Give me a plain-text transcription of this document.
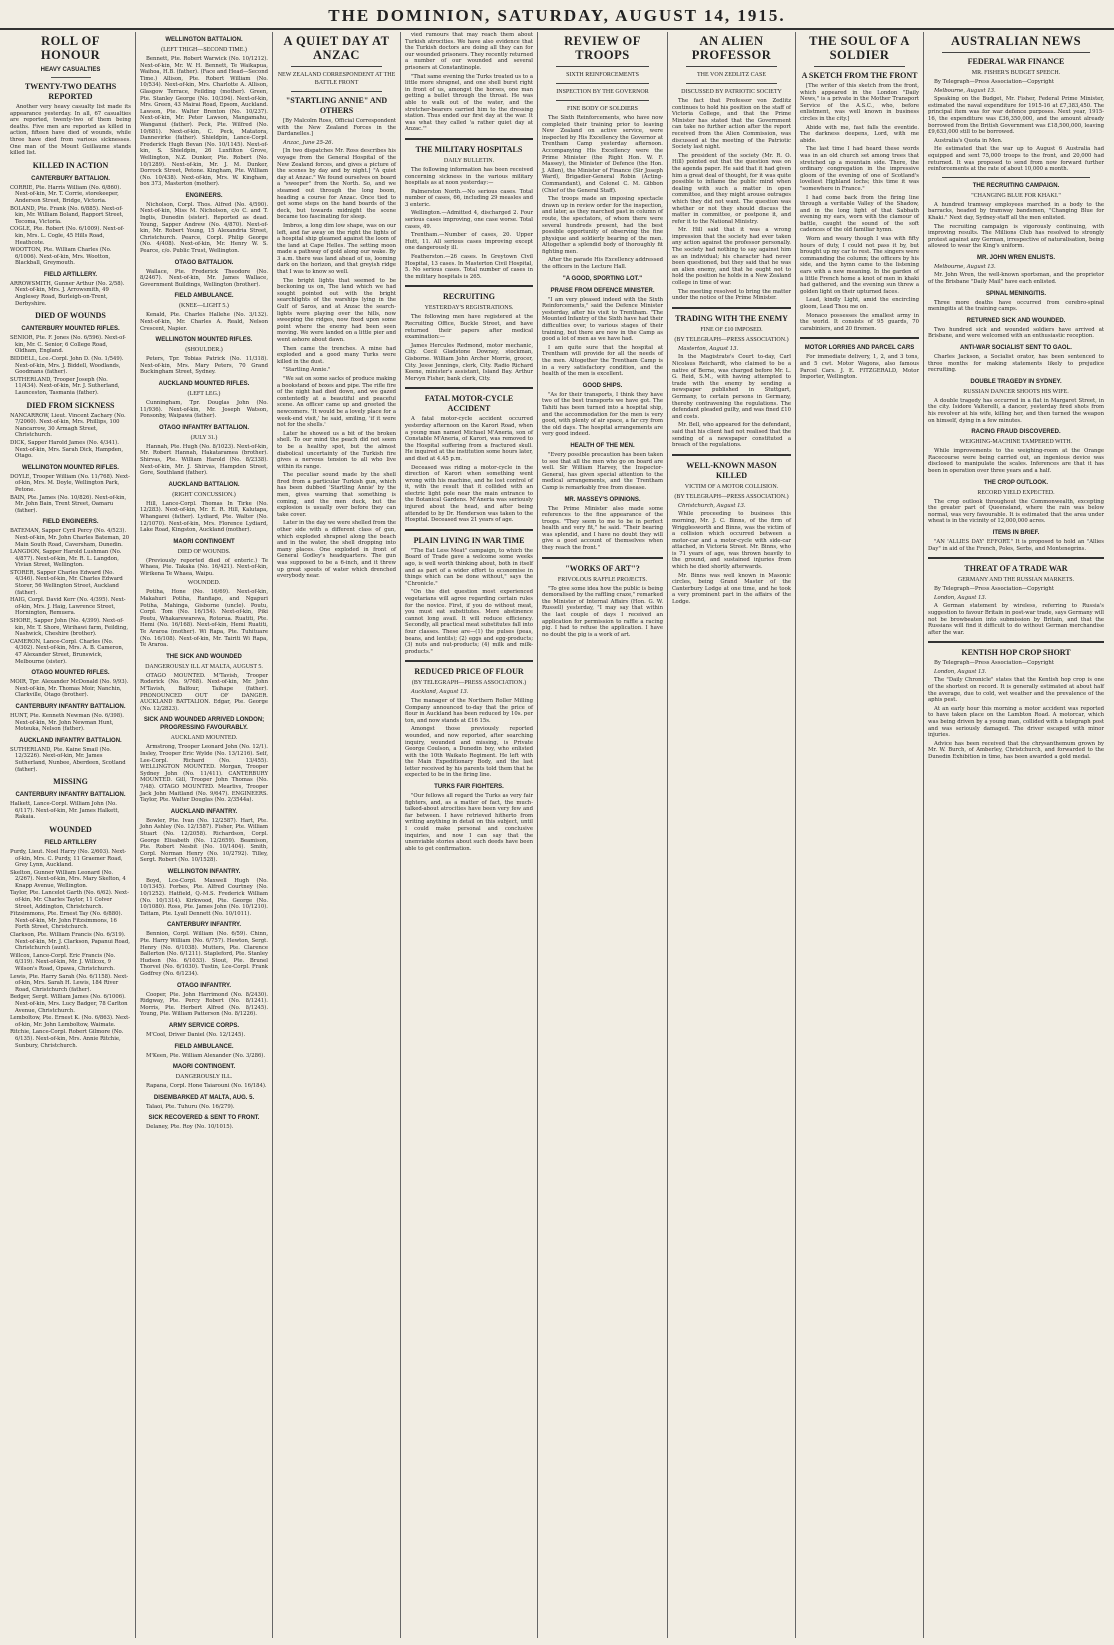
THE DOMINION, SATURDAY, AUGUST 14, 1915.
ROLL OF HONOUR
HEAVY CASUALTIES
TWENTY-TWO DEATHS REPORTED

Another very heavy casualty list made its appearance yesterday. In all, 67 casualties are reported, twenty-two of them being deaths. Five men are reported as killed in action, fifteen have died of wounds, while three have died from various sicknesses. One man of the Mount Guillaume stands killed list.

KILLED IN ACTION
CANTERBURY BATTALION.
CORRIE, Pte. Harris William (No. 6/860). Next-of-kin, Mr. T. Corrie, storekeeper, Anderson Street, Bridge, Victoria.
BOLAND, Pte. Frank (No. 6/885). Next-of-kin, Mr. William Boland, Rapport Street, Tecoma, Victoria.
COGLE, Pte. Robert (No. 6/1009). Next-of-kin, Mrs. L. Cogle, 45 Hills Road, Heathcote.
WOOTTON, Pte. William Charles (No. 6/1006). Next-of-kin, Mrs. Wootton, Blackball, Greymouth.
FIELD ARTILLERY.
ARROWSMITH, Gunner Arthur (No. 2/58). Next-of-kin, Mrs. J. Arrowsmith, 49 Anglesey Road, Burleigh-on-Trent, Derbyshire.
DIED OF WOUNDS
CANTERBURY MOUNTED RIFLES.
SENIOR, Pte. F. Jones (No. 6/596). Next-of-kin, Mr. C. Senior, 6 College Road, Oldham, England.
BIDDELL, Lce.-Corpl. John D. (No. 1/549). Next-of-kin, Mrs. J. Biddell, Woodlands, Goodmans (father).
SUTHERLAND, Trooper Joseph (No. 11/434). Next-of-kin, Mr. J. Sutherland, Launceston, Tasmania (father).
DIED FROM SICKNESS
NANCARROW, Lieut. Vincent Zachary (No. 7/2060). Next-of-kin, Mrs. Phillips, 100 Nancarrow, 30 Armagh Street, Christchurch.
DICK, Sapper Harold James (No. 4/341). Next-of-kin, Mrs. Sarah Dick, Hampden, Otago.
WELLINGTON MOUNTED RIFLES.
DOYLE, Trooper William (No. 11/768). Next-of-kin, Mrs. M. Doyle, Wellington Park, Petone.
BAIN, Pte. James (No. 10/826). Next-of-kin, Mr. John Bain, Trent Street, Oamaru (father).
FIELD ENGINEERS.
BATEMAN, Sapper Cyril Percy (No. 4/523). Next-of-kin, Mr. John Charles Bateman, 20 Main South Road, Caversham, Dunedin.
LANGDON, Sapper Harold Lushman (No. 4/877). Next-of-kin, Mr. R. L. Langdon, Vivian Street, Wellington.
STORER, Sapper Charles Edward (No. 4/346). Next-of-kin, Mr. Charles Edward Storer, 56 Wellington Street, Auckland (father).
HAIG, Corpl. David Kerr (No. 4/395). Next-of-kin, Mrs. J. Haig, Lawrence Street, Hornington, Remuera.
SHORE, Sapper John (No. 4/399). Next-of-kin, Mr. T. Shore, Wirihawi farm, Feilding, Nashwick, Cheshire (brother).
CAMERON, Lance-Corpl. Charles (No. 4/302). Next-of-kin, Mrs. A. B. Cameron, 47 Alexander Street, Brunswick, Melbourne (sister).
OTAGO MOUNTED RIFLES.
MOIR, Tpr. Alexander McDonald (No. 9/93). Next-of-kin, Mr. Thomas Moir, Nanchin, Clarkville, Otago (brother).
CANTERBURY INFANTRY BATTALION.
HUNT, Pte. Kenneth Newman (No. 6/398). Next-of-kin, Mr. John Newman Hunt, Moteuka, Nelson (father).
AUCKLAND INFANTRY BATTALION.
SUTHERLAND, Pte. Kaine Smail (No. 12/3226). Next-of-kin, Mr. James Sutherland, Nunbee, Aberdeen, Scotland (father).
MISSING
CANTERBURY INFANTRY BATTALION.
Halkett, Lance-Corpl. William John (No. 6/117). Next-of-kin, Mr. James Halkett, Rakaia.
WOUNDED
FIELD ARTILLERY
Purdy, Lieut. Noel Harry (No. 2/603). Next-of-kin, Mrs. C. Purdy, 11 Graemer Road, Grey Lynn, Auckland.
Skelton, Gunner William Leonard (No. 2/267). Next-of-kin, Mrs. Mary Skelton, 4 Knapp Avenue, Wellington.
Taylor, Pte. Lancelot Garth (No. 6/62). Next-of-kin, Mr. Charles Taylor, 11 Colver Street, Addington, Christchurch.
Fitzsimmons, Pte. Ernest Tay (No. 6/880). Next-of-kin, Mr. John Fitzsimmons, 16 Forth Street, Christchurch.
Clarkson, Pte. William Francis (No. 6/319). Next-of-kin, Mr. J. Clarkson, Papanui Road, Christchurch (aunt).
Willcox, Lance-Corpl. Eric Francis (No. 6/319). Next-of-kin, Mr. J. Willcox, 9 Wilson's Road, Opawa, Christchurch.
Lewis, Pte. Harry Sarah (No. 6/1158). Next-of-kin, Mrs. Sarah H. Lewis, 184 River Road, Christchurch (father).
Bedger, Sergt. William James (No. 6/1006). Next-of-kin, Mrs. Lucy Badger, 78 Carlton Avenue, Christchurch.
Lemboltow, Pte. Ernest K. (No. 6/863). Next-of-kin, Mr. John Lemboltow, Waimate.
Ritchie, Lance-Corpl. Robert Gilmore (No. 6/135). Next-of-kin, Mrs. Annie Ritchie, Sunbury, Christchurch.
WELLINGTON BATTALION.
(LEFT THIGH—SECOND TIME.)

Bennett, Pte. Robert Warwick (No. 10/1212). Next-of-kin, Mr. W. H. Bennett, Te Waikapua, Waihoa, H.B. (father). (Face and Head—Second Time.) Allison, Pte. Robert William (No. 10/534). Next-of-kin, Mrs. Charlotte A. Allison, Glasgow Terrace, Feilding (mother). Green, Pte. Stanley George (No. 10/394). Next-of-kin, Mrs. Green, 43 Mairai Road, Epsom, Auckland. Lawson, Pte. Walter Brenton (No. 10/237). Next-of-kin, Mr. Peter Lawson, Mangamahu, Wanganui (father). Peck, Pte. Wilfred (No. 10/681). Next-of-kin, C. Peck, Matatora, Dannevirke (father). Shieldpin, Lance-Corpl. Frederick Hugh Bevan (No. 10/1145). Next-of-kin, S. Shieldpin, 26 Luxfilton Grove, Wellington, N.Z. Dunker, Pte. Robert (No. 10/1289). Next-of-kin, Mr. J. M. Dunker, Dorrock Street, Petone. Kingham, Pte. William (No. 10/438). Next-of-kin, Mrs. W. Kingham, box 373, Masterton (mother).

ENGINEERS.

Nicholson, Corpl. Thos. Alfred (No. 4/590). Next-of-kin, Miss M. Nicholson, c/o C. and T. Inglis, Dunedin (sister). Reported as dead. Young, Sapper Andrew (No. 4/870). Next-of-kin, Mr. Robert Young, 15 Alexandria Street, Christchurch. Pearce, Corpl. Philip George (No. 4/408). Next-of-kin, Mr. Henry W. S. Pearce, c/o. Public Trust, Wellington.

OTAGO BATTALION.

Wallace, Pte. Frederick Theodore (No. 8/2467). Next-of-kin, Mr. James Wallace, Government Buildings, Wellington (brother).

FIELD AMBULANCE.
(KNEE—LIGHT 5.)

Kenald, Pte. Charles Hallehe (No. 3/132). Next-of-kin, Mr. Charles A. Reald, Nelson Crescent, Napier.

WELLINGTON MOUNTED RIFLES.
(SHOULDER.)

Peters, Tpr. Tobias Patrick (No. 11/318). Next-of-kin, Mrs. Mary Peters, 70 Grand Buckingham Street, Sydney.

AUCKLAND MOUNTED RIFLES.
(LEFT LEG.)

Cunningham, Tpr. Douglas John (No. 11/936). Next-of-kin, Mr. Joseph Watson, Ponsonby, Waipawa (father).

OTAGO INFANTRY BATTALION.
(JULY 31.)

Hannah, Pte. Hugh (No. 8/1023). Next-of-kin, Mr. Robert Hannah, Hakataramea (brother). Shirvas, Pte. William Harold (No. 8/2338). Next-of-kin, Mr. J. Shirvas, Hampden Street, Gore, Southland (father).

AUCKLAND BATTALION.
(RIGHT CONCUSSION.)

Hill, Lance-Corpl. Thomas In Tirke (No. 12/283). Next-of-kin, Mr. E. R. Hill, Kalutapa, Whangarei (father). Lydiard, Pte. Walter (No. 12/1070). Next-of-kin, Mrs. Florence Lydiard, Lake Road, Kingston, Auckland (mother).

MAORI CONTINGENT
DIED OF WOUNDS.

(Previously reported died of enteric.) Te Whaea, Pte. Takaka (No. 16/421). Next-of-kin, Wirikena Te Whaea, Waipu.

WOUNDED.

Potiha, Hone (No. 16/69). Next-of-kin, Makahuri Potiha, Ranfiapo, and Ngapuri Potiha, Mahinga, Gisborne (uncle). Poutu, Corpl. Tom (No. 16/154). Next-of-kin, Piki Poutu, Whakarewarewa, Rotorua. Ruatiti, Pte. Hemi (No. 16/168). Next-of-kin, Hemi Ruatiti, Te Araroa (mother). Wi Rapa, Pte. Tuhituare (No. 16/108). Next-of-kin, Mr. Tairiti Wi Rapa, Te Araroa.

THE SICK AND WOUNDED
DANGEROUSLY ILL AT MALTA, AUGUST 5.

OTAGO MOUNTED. M'Tavish, Trooper Roderick (No. 9/768). Next-of-kin, Mr. John M'Tavish, Balfour, Taihape (father). PRONOUNCED OUT OF DANGER. AUCKLAND BATTALION. Edgar, Pte. George (No. 12/2823).

SICK AND WOUNDED ARRIVED LONDON; PROGRESSING FAVOURABLY.
AUCKLAND MOUNTED.

Armstrong, Trooper Leonard John (No. 12/1). Insley, Trooper Eric Wylde (No. 13/1216). Self, Lee-Corpl. Richard (No. 13/455). WELLINGTON MOUNTED. Morgan, Trooper Sydney John (No. 11/411). CANTERBURY MOUNTED. Gill, Trooper John Thomas (No. 7/48). OTAGO MOUNTED. Mearlivs, Trooper Jack John Maitland (No. 9/647). ENGINEERS. Taylor, Pte. Walter Douglas (No. 2/3544a).

AUCKLAND INFANTRY.

Bowler, Pte. Ivan (No. 12/2587). Hart, Pte. John Ashley (No. 12/1587). Fisher, Pte. William Stuart (No. 12/2058). Richardson, Corpl. George Elisabeth (No. 12/2659). Beamison, Pte. Robert Nesbit (No. 10/1404). Smith, Corpl. Norman Henry (No. 10/2792). Tilley, Sergt. Robert (No. 10/1528).

WELLINGTON INFANTRY.

Boyd, Lce-Corpl. Maxwell Hugh (No. 10/1345). Forbes, Pte. Alfred Courtney (No. 10/1252). Hatfield, Q.-M.S. Frederick William (No. 10/1314). Kirkwood, Pte. George (No. 10/1080). Ross, Pte. James John (No. 10/1210). Tattam, Pte. Lyall Dennett (No. 10/1011).

CANTERBURY INFANTRY.

Bennion, Corpl. William (No. 6/59). Chinn, Pte. Harry William (No. 6/757). Hewton, Sergt. Henry (No. 6/1038). Mutters, Pte. Clarence Ballerton (No. 6/1211). Stapleford, Pte. Stanley Hudson (No. 6/1033). Stout, Pte. Brunel Thorvel (No. 6/1030). Tustin, Lce-Corpl. Frank Godfrey (No. 6/1234).

OTAGO INFANTRY.

Cooper, Pte. John Harrimond (No. 8/2430). Ridgway, Pte. Percy Robert (No. 8/1241). Morris, Pte. Herbert Alfred (No. 8/1245). Young, Pte. William Patterson (No. 8/1226).

ARMY SERVICE CORPS.

M'Cool, Driver Daniel (No. 12/1245).

FIELD AMBULANCE.

M'Keen, Pte. William Alexander (No. 3/286).

MAORI CONTINGENT.
DANGEROUSLY ILL.

Rapana, Corpl. Hone Taiarouni (No. 16/184).

DISEMBARKED AT MALTA, AUG. 5.

Talaoi, Pte. Tuhuru (No. 16/279).

SICK RECOVERED & SENT TO FRONT.

Delaney, Pte. Roy (No. 10/1015).

A QUIET DAY AT ANZAC
NEW ZEALAND CORRESPONDENT AT THE BATTLE FRONT
"STARTLING ANNIE" AND OTHERS

[By Malcolm Ross, Official Correspondent with the New Zealand Forces in the Dardanelles.]

Anzac, June 25-26.

[In two dispatches Mr. Ross describes his voyage from the General Hospital of the New Zealand forces, and gives a picture of the scenes by day and by night.] "A quiet day at Anzac." We found ourselves on board a "sweeper" from the North. So, and we steamed out through the long boom, heading a course for Anzac. Once tied to get some steps on the hand boards of the deck, but towards midnight the scene became too fascinating for sleep.

Imbros, a long dim low shape, was on our left, and far away on the right the lights of a hospital ship gleamed against the loom of the land at Cape Helles. The setting moon made a pathway of gold along our wake. By 3 a.m. there was land ahead of us, looming dark on the horizon, and that greyish ridge that I was to know so well.

The bright lights that seemed to be beckoning us on, The land which we had sought pointed out with the bright searchlights of the warships lying in the Gulf of Saros, and at Anzac the search-lights were playing over the hills, now sweeping the ridges, now fixed upon some point where the enemy had been seen moving. We were landed on a little pier and went ashore about dawn.

Then came the trenches. A mine had exploded and a good many Turks were killed in the dust.

"Startling Annie."

"We sat on some sacks of produce making a bookstand of boxes and pipe. The rifle fire of the night had died down, and we gazed contentedly at a beautiful and peaceful scene. An officer came up and greeted the newcomers. 'It would be a lovely place for a week-end visit,' he said, smiling, 'if it were not for the shells.'

Later he showed us a bit of the broken shell. To our mind the peach did not seem to be a healthy spot, but the almost diabolical uncertainty of the Turkish fire gives a nervous tension to all who live within its range.

The peculiar sound made by the shell fired from a particular Turkish gun, which has been dubbed 'Startling Annie' by the men, gives warning that something is coming, and the men duck, but the explosion is usually over before they can take cover.

Later in the day we were shelled from the other side with a different class of gun, which exploded shrapnel along the beach and in the water, the shell dropping into many places. One exploded in front of General Godley's headquarters. The gun was supposed to be a 6-inch, and it threw up great spouts of water which drenched everybody near.

vied rumours that may reach them about Turkish atrocities. We have also evidence that the Turkish doctors are doing all they can for our wounded prisoners. They recently returned a number of our wounded and several prisoners at Constantinople.

"That same evening the Turks treated us to a little more shrapnel, and one shell burst right in front of us, amongst the horses, one man getting a bullet through the throat. He was able to walk out of the water, and the stretcher-bearers carried him to the dressing station. Thus ended our first day at the war. It was what they called 'a rather quiet day at Anzac.'"

THE MILITARY HOSPITALS
DAILY BULLETIN.

The following information has been received concerning sickness in the various military hospitals as at noon yesterday:—

Palmerston North.—No serious cases. Total number of cases, 66, including 29 measles and 3 enteric.

Wellington.—Admitted 4, discharged 2. Four serious cases improving, one case worse. Total cases, 49.

Trentham.—Number of cases, 20. Upper Hutt, 11. All serious cases improving except one dangerously ill.

Featherston.—26 cases. In Greytown Civil Hospital, 13 cases. In Masterton Civil Hospital, 5. No serious cases. Total number of cases in the military hospitals is 265.

RECRUITING
YESTERDAY'S REGISTRATIONS.

The following men have registered at the Recruiting Office, Buckle Street, and have returned their papers after medical examination:—

James Hercules Redmond, motor mechanic, City. Cecil Gladstone Downey, stockman, Gisborne. William John Archer Morrie, grocer, City. Jesse Jennings, clerk, City. Radio Richard Keene, minister's assistant, Island Bay. Arthur Mervyn Fisher, bank clerk, City.

FATAL MOTOR-CYCLE ACCIDENT

A fatal motor-cycle accident occurred yesterday afternoon on the Karori Road, when a young man named Michael M'Aneria, son of Constable M'Aneria, of Karori, was removed to the Hospital suffering from a fractured skull. He inquired at the institution some hours later, and died at 4.45 p.m.

Deceased was riding a motor-cycle in the direction of Karori when something went wrong with his machine, and he lost control of it, with the result that it collided with an electric light pole near the main entrance to the Botanical Gardens. M'Aneria was seriously injured about the head, and after being attended to by Dr. Henderson was taken to the Hospital. Deceased was 21 years of age.

PLAIN LIVING IN WAR TIME

"The Eat Less Meat" campaign, to which the Board of Trade gave a welcome some weeks ago, is well worth thinking about, both in itself and as part of a wider effort to economise in things which can be done without," says the "Chronicle."

"On the diet question most experienced vegetarians will agree regarding certain rules for the novice. First, if you do without meat, you must eat substitutes. Mere abstinence cannot long avail. It will reduce efficiency. Secondly, all practical meat substitutes fall into four classes. These are—(1) the pulses (peas, beans, and lentils); (2) eggs and egg-products; (3) nuts and nut-products; (4) milk and milk-products."

REDUCED PRICE OF FLOUR
(BY TELEGRAPH—PRESS ASSOCIATION.)

Auckland, August 13.

The manager of the Northern Roller Milling Company announced to-day that the price of flour in Auckland has been reduced by 10s. per ton, and now stands at £16 15s.

Amongst those previously reported wounded, and now reported, after searching inquiry, wounded and missing, is Private George Coulson, a Dunedin boy, who enlisted with the 10th Waikato Regiment. He left with the Main Expeditionary Body, and the last letter received by his parents told them that he expected to be in the firing line.

TURKS FAIR FIGHTERS.

"Our fellows all regard the Turks as very fair fighters, and, as a matter of fact, the much-talked-about atrocities have been very few and far between. I have retrieved hitherto from writing anything in detail on this subject, until I could make personal and conclusive inquiries, and now I can say that the unenviable stories about such deeds have been able to get confirmation.

REVIEW OF TROOPS
SIXTH REINFORCEMENTS
INSPECTION BY THE GOVERNOR
FINE BODY OF SOLDIERS

The Sixth Reinforcements, who have now completed their training prior to leaving New Zealand on active service, were inspected by His Excellency the Governor at Trentham Camp yesterday afternoon. Accompanying His Excellency were the Prime Minister (the Right Hon. W. F. Massey), the Minister of Defence (the Hon. J. Allen), the Minister of Finance (Sir Joseph Ward), Brigadier-General Robin (Acting-Commandant), and Colonel C. M. Gibbon (Chief of the General Staff).

The troops made an imposing spectacle drawn up in review order for the inspection, and later, as they marched past in column of route, the spectators, of whom there were several hundreds present, had the best possible opportunity of observing the fine physique and soldierly bearing of the men. Altogether a splendid body of thoroughly fit fighting men.

After the parade His Excellency addressed the officers in the Lecture Hall.

"A GOOD, SPORTING LOT."
PRAISE FROM DEFENCE MINISTER.

"I am very pleased indeed with the Sixth Reinforcements," said the Defence Minister yesterday, after his visit to Trentham. "The Mounted Infantry of the Sixth have had their difficulties over, to various stages of their training, but there are now in the Camp as good a lot of men as we have had.

I am quite sure that the hospital at Trentham will provide for all the needs of the men. Altogether the Trentham Camp is in a very satisfactory condition, and the health of the men is excellent.

GOOD SHIPS.

"As for their transports, I think they have two of the best transports we have got. The Tahiti has been turned into a hospital ship, and the accommodation for the men is very good, with plenty of air space, a far cry from the old days. The hospital arrangements are very good indeed.

HEALTH OF THE MEN.

"Every possible precaution has been taken to see that all the men who go on board are well. Sir William Harvey, the Inspector-General, has given special attention to the medical arrangements, and the Trentham Camp is remarkably free from disease.

MR. MASSEY'S OPINIONS.

The Prime Minister also made some references to the fine appearance of the troops. "They seem to me to be in perfect health and very fit," he said. "Their bearing was splendid, and I have no doubt they will give a good account of themselves when they reach the front."

"WORKS OF ART"?
FRIVOLOUS RAFFLE PROJECTS.

"To give some idea how the public is being demoralised by the raffling craze," remarked the Minister of Internal Affairs (Hon. G. W. Russell) yesterday, "I may say that within the last couple of days I received an application for permission to raffle a racing pig. I had to refuse the application. I have no doubt the pig is a work of art.

AN ALIEN PROFESSOR
THE VON ZEDLITZ CASE
DISCUSSED BY PATRIOTIC SOCIETY

The fact that Professor von Zedlitz continues to hold his position on the staff of Victoria College, and that the Prime Minister has stated that the Government can take no further action after the report received from the Alien Commission, was discussed at the meeting of the Patriotic Society last night.

The president of the society (Mr. R. O. Hill) pointed out that the question was on the agenda paper. He said that it had given him a great deal of thought, for it was quite possible to inflame the public mind when dealing with such a matter in open committee, and they might arouse outrages which they did not want. The question was whether or not they should discuss the matter in committee, or postpone it, and refer it to the National Ministry.

Mr. Hill said that it was a wrong impression that the society had ever taken any action against the professor personally. The society had nothing to say against him as an individual; his character had never been questioned, but they said that he was an alien enemy, and that he ought not to hold the position he holds in a New Zealand college in time of war.

The meeting resolved to bring the matter under the notice of the Prime Minister.

TRADING WITH THE ENEMY
FINE OF £10 IMPOSED.
(BY TELEGRAPH—PRESS ASSOCIATION.)

Masterton, August 13.

In the Magistrate's Court to-day, Carl Nicolaus Reichardt, who claimed to be a native of Berne, was charged before Mr. L. G. Reid, S.M., with having attempted to trade with the enemy by sending a newspaper published in Stuttgart, Germany, to certain persons in Germany, thereby contravening the regulations. The defendant pleaded guilty, and was fined £10 and costs.

Mr. Bell, who appeared for the defendant, said that his client had not realised that the sending of a newspaper constituted a breach of the regulations.

WELL-KNOWN MASON KILLED
VICTIM OF A MOTOR COLLISION.
(BY TELEGRAPH—PRESS ASSOCIATION.)

Christchurch, August 13.

While proceeding to business this morning, Mr. J. C. Binns, of the firm of Wrigglesworth and Binns, was the victim of a collision which occurred between a motor-car and a motor-cycle with side-car attached, in Victoria Street. Mr. Binns, who is 71 years of age, was thrown heavily to the ground, and sustained injuries from which he died shortly afterwards.

Mr. Binns was well known in Masonic circles, being Grand Master of the Canterbury Lodge at one time, and he took a very prominent part in the affairs of the Lodge.

THE SOUL OF A SOLDIER
A SKETCH FROM THE FRONT

[The writer of this sketch from the front, which appeared in the London "Daily News," is a private in the Mother Transport Service of the A.S.C., who, before enlistment, was well known in business circles in the city.]

Abide with me, fast falls the eventide. The darkness deepens, Lord, with me abide.

The last time I had heard these words was in an old church set among trees that stretched up a mountain side. There, the ordinary congregation in the impressive gloom of the evening of one of Scotland's loveliest Highland lochs; this time it was "somewhere in France."

I had come back from the firing line through a veritable Valley of the Shadow, and in the long light of that Sabbath evening my ears, worn with the clamour of battle, caught the sound of the soft cadences of the old familiar hymn.

Worn and weary though I was with fifty hours of duty, I could not pass it by, but brought up my car to rest. The singers were commanding the column; the officers by his side, and the hymn came to the listening ears with a new meaning. In the garden of a little French home a knot of men in khaki had gathered, and the evening sun threw a golden light on their upturned faces.

Lead, kindly Light, amid the encircling gloom, Lead Thou me on.

Monaco possesses the smallest army in the world. It consists of 95 guards, 70 carabiniers, and 20 firemen.

MOTOR LORRIES AND PARCEL CARS

For immediate delivery, 1, 2, and 3 tons, and 5 cwt. Motor Wagons, also famous Parcel Cars. J. E. FITZGERALD, Motor Importer, Wellington.

AUSTRALIAN NEWS
FEDERAL WAR FINANCE
MR. FISHER'S BUDGET SPEECH.

By Telegraph—Press Association—Copyright

Melbourne, August 13.

Speaking on the Budget, Mr. Fisher, Federal Prime Minister, estimated the naval expenditure for 1915-16 at £7,383,450. The principal item was for war defence purposes. Next year, 1915-16, the expenditure was £36,350,000, and the amount already borrowed from the British Government was £18,500,000, leaving £9,633,000 still to be borrowed.

Australia's Quota in Men.

He estimated that the war up to August 6 Australia had equipped and sent 75,000 troops to the front, and 20,000 had returned. It was proposed to send from now forward further reinforcements at the rate of about 10,000 a month.

THE RECRUITING CAMPAIGN.
"CHANGING BLUE FOR KHAKI."

A hundred tramway employees marched in a body to the barracks, headed by tramway bandsmen, "Changing Blue for Khaki." Next day, Sydney-staff all the men enlisted.

The recruiting campaign is vigorously continuing, with improving results. The Millions Club has resolved to strongly protest against any German, irrespective of naturalisation, being allowed to wear the King's uniform.

MR. JOHN WREN ENLISTS.

Melbourne, August 13.

Mr. John Wren, the well-known sportsman, and the proprietor of the Brisbane "Daily Mail" have each enlisted.

SPINAL MENINGITIS.

Three more deaths have occurred from cerebro-spinal meningitis at the training camps.

RETURNED SICK AND WOUNDED.

Two hundred sick and wounded soldiers have arrived at Brisbane, and were welcomed with an enthusiastic reception.

ANTI-WAR SOCIALIST SENT TO GAOL.

Charles Jackson, a Socialist orator, has been sentenced to three months for making statements likely to prejudice recruiting.

DOUBLE TRAGEDY IN SYDNEY.
RUSSIAN DANCER SHOOTS HIS WIFE.

A double tragedy has occurred in a flat in Margaret Street, in the city. Isidore Valterelli, a dancer, yesterday fired shots from his revolver at his wife, killing her, and then turned the weapon on himself, dying in a few minutes.

RACING FRAUD DISCOVERED.
WEIGHING-MACHINE TAMPERED WITH.

While improvements to the weighing-room at the Orange Racecourse were being carried out, an ingenious device was disclosed to manipulate the scales. Inferences are that it has been in operation over three years and a half.

THE CROP OUTLOOK.
RECORD YIELD EXPECTED.

The crop outlook throughout the Commonwealth, excepting the greater part of Queensland, where the rain was below normal, was very favourable. It is estimated that the area under wheat is in the vicinity of 12,000,000 acres.

ITEMS IN BRIEF.

"AN 'ALLIES DAY' EFFORT." It is proposed to hold an "Allies Day" in aid of the French, Poles, Serbs, and Montenegrins.

THREAT OF A TRADE WAR
GERMANY AND THE RUSSIAN MARKETS.

By Telegraph—Press Association—Copyright

London, August 13.

A German statement by wireless, referring to Russia's suggestion to favour Britain in post-war trade, says Germany will not be browbeaten into submission by Britain, and that the Russians will find it difficult to do without German merchandise after the war.

KENTISH HOP CROP SHORT

By Telegraph—Press Association—Copyright

London, August 13.

The "Daily Chronicle" states that the Kentish hop crop is one of the shortest on record. It is generally estimated at about half the average, due to cold, wet weather and the prevalence of the aphis pest.

At an early hour this morning a motor accident was reported to have taken place on the Lambton Road. A motorcar, which was being driven by a young man, collided with a telegraph post and was seriously damaged. The driver escaped with minor injuries.

Advice has been received that the chrysanthemum grown by Mr. W. Burch, of Amberley, Christchurch, and forwarded to the Dunedin Exhibition in time, has been awarded a gold medal.
